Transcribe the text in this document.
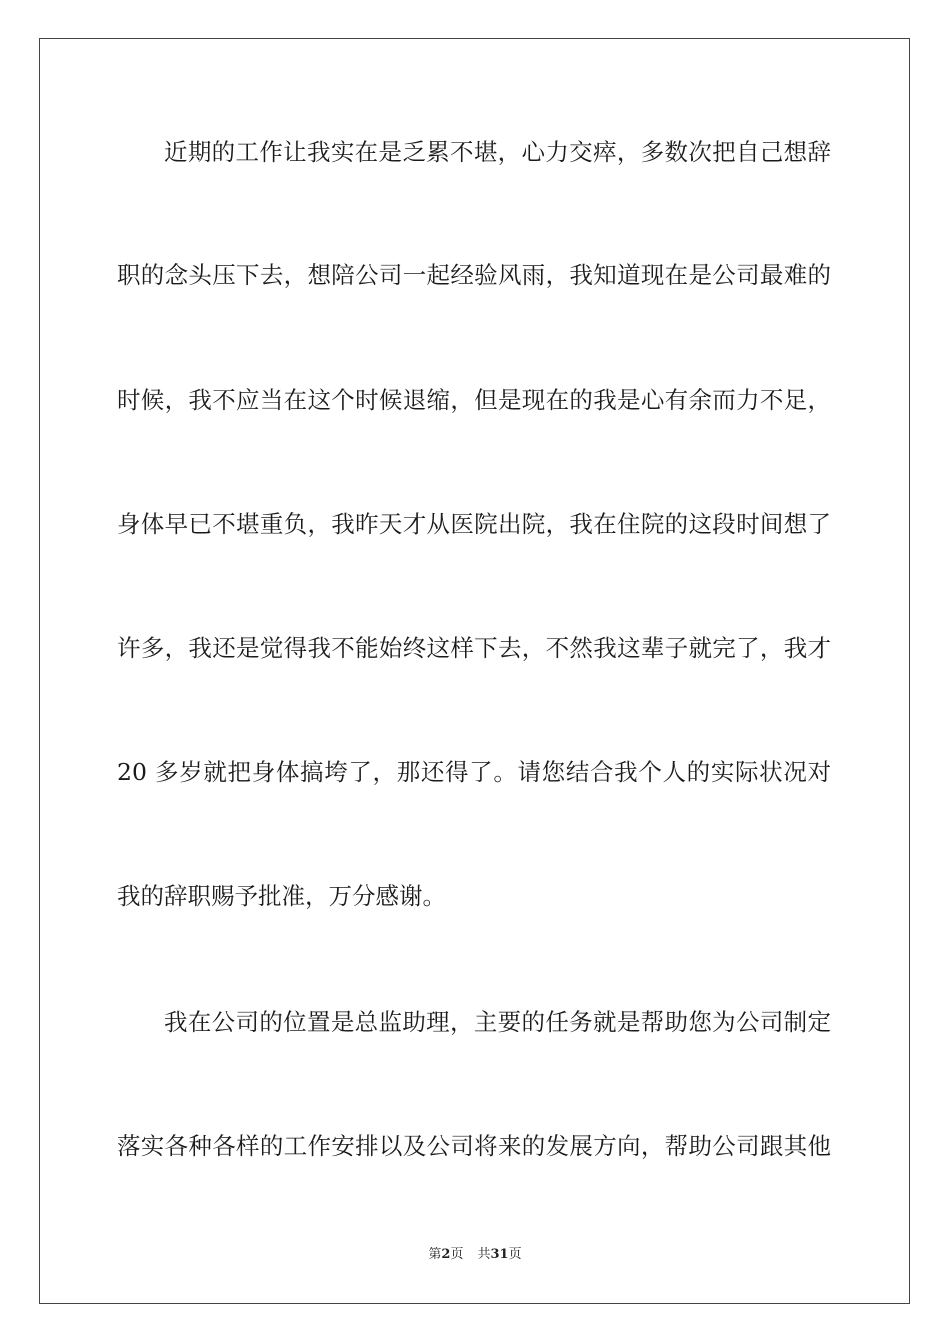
近期的工作让我实在是乏累不堪，心力交瘁，多数次把自己想辞
职的念头压下去，想陪公司一起经验风雨，我知道现在是公司最难的
时候，我不应当在这个时候退缩，但是现在的我是心有余而力不足，
身体早已不堪重负，我昨天才从医院出院，我在住院的这段时间想了
许多，我还是觉得我不能始终这样下去，不然我这辈子就完了，我才
20 多岁就把身体搞垮了，那还得了。请您结合我个人的实际状况对
我的辞职赐予批准，万分感谢。
我在公司的位置是总监助理，主要的任务就是帮助您为公司制定
落实各种各样的工作安排以及公司将来的发展方向，帮助公司跟其他
第2页 共31页
